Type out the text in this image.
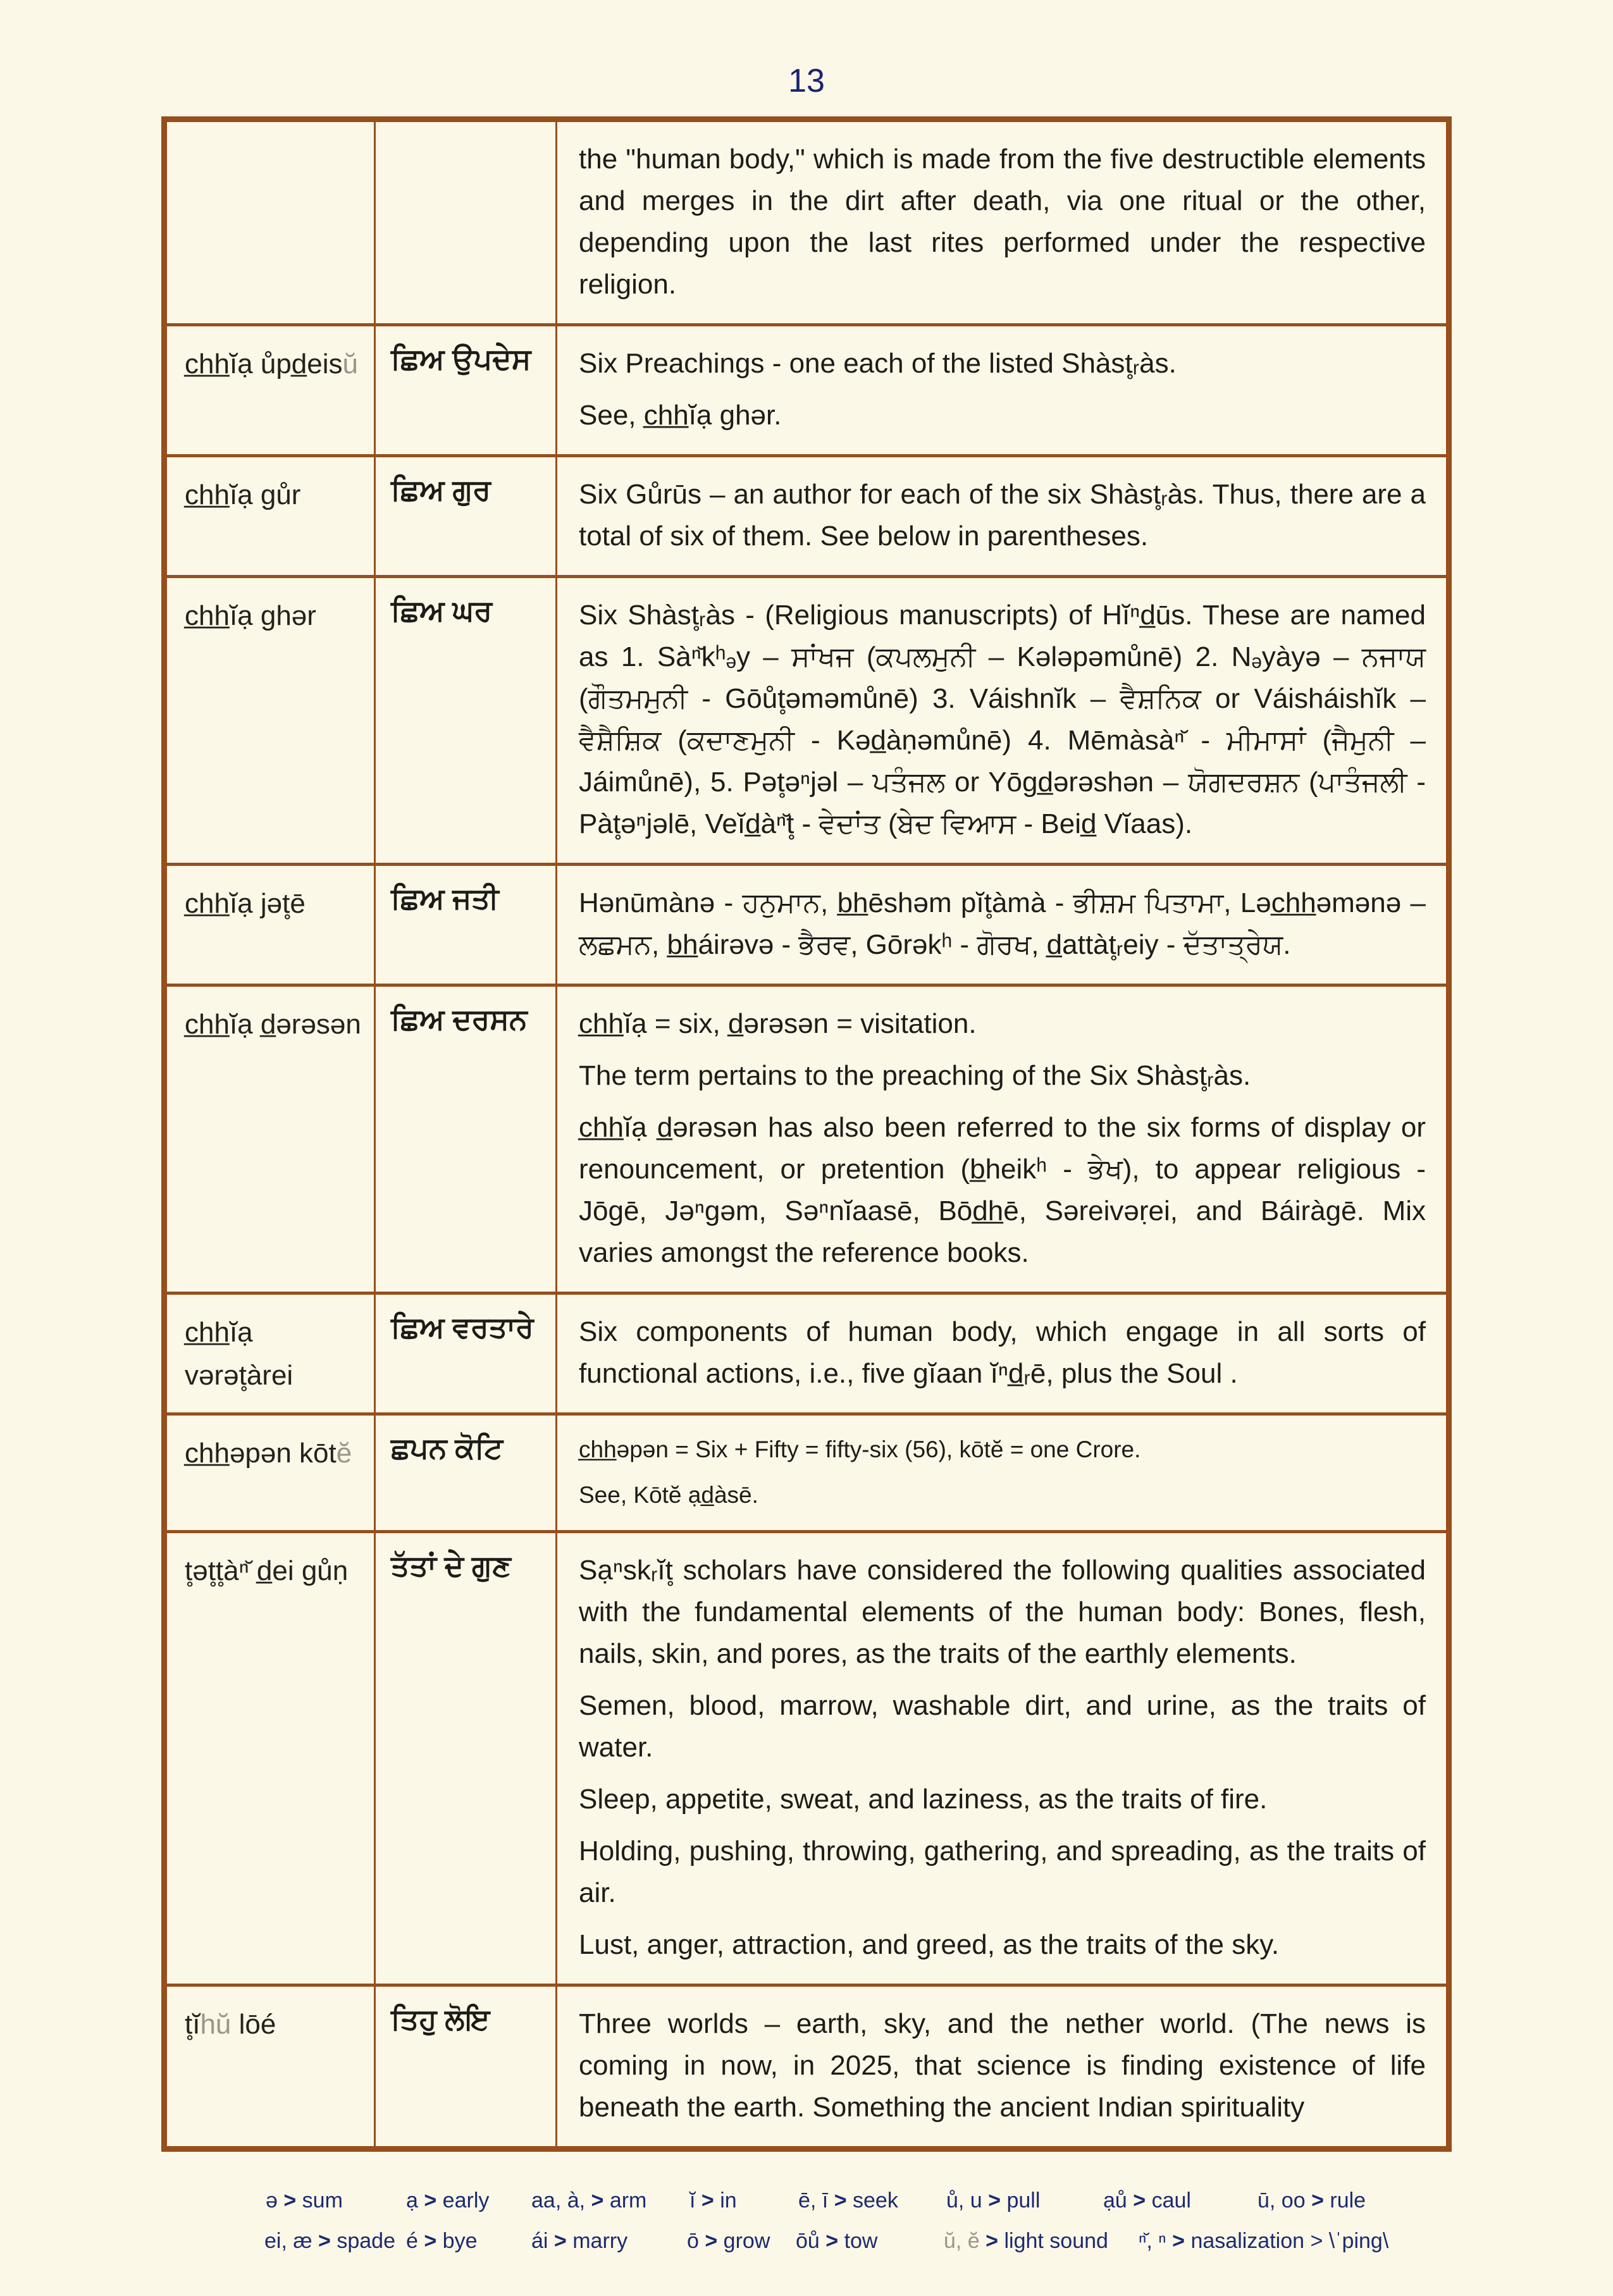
13

		the "human body," which is made from the five destructible elements and merges in the dirt after death, via one ritual or the other, depending upon the last rites performed under the respective religion.

c̲h̲h̲ĭạ ůpd̲eisŭ	ਛਿਅ ਉਪਦੇਸ	Six Preachings - one each of the listed Shàst̥ᵣàs.

See, c̲h̲h̲ĭạ ghər.

c̲h̲h̲ĭạ gůr	ਛਿਅ ਗੁਰ	Six Gůrūs – an author for each of the six Shàst̥ᵣàs. Thus, there are a total of six of them. See below in parentheses.

c̲h̲h̲ĭạ ghər	ਛਿਅ ਘਰ	Six Shàst̥ᵣàs - (Religious manuscripts) of Hĭⁿd̲ūs. These are named as 1. Sàⁿ̆kʰₔy – ਸਾਂਖਜ (ਕਪਲਮੁਨੀ – Kələpəmůnē) 2. Nₔyàyə – ਨਜਾਯ (ਗੌਤਮਮੁਨੀ - Gōůt̥əməmůnē) 3. Váishnĭk – ਵੈਸ਼ਨਿਕ or Váisháishĭk – ਵੈਸ਼ੈਸ਼ਿਕ (ਕਦਾਣਮੁਨੀ - Kəd̲àṇəmůnē) 4. Mēmàsàⁿ̆ - ਮੀਮਾਸਾਂ (ਜੈਮੁਨੀ – Jáimůnē), 5. Pət̥əⁿjəl – ਪਤੰਜਲ or Yōgd̲ərəshən – ਯੋਗਦਰਸ਼ਨ (ਪਾਤੰਜਲੀ - Pàt̥əⁿjəlē, Veĭd̲àⁿ̆t̥ - ਵੇਦਾਂਤ (ਬੇਦ ਵਿਆਸ - Beid̲ Vĭaas).

c̲h̲h̲ĭạ jət̥ē	ਛਿਅ ਜਤੀ	Hənūmànə - ਹਨੁਮਾਨ, b̲h̲ēshəm pĭt̥àmà - ਭੀਸ਼ਮ ਪਿਤਾਮਾ, Ləc̲h̲h̲əmənə – ਲਛਮਨ, b̲h̲áirəvə - ਭੈਰਵ, Gōrəkʰ - ਗੋਰਖ, d̲attàt̥ᵣeiy - ਦੱਤਾਤ੍ਰੇਯ.

c̲h̲h̲ĭạ d̲ərəsən	ਛਿਅ ਦਰਸਨ	c̲h̲h̲ĭạ = six, d̲ərəsən = visitation.

The term pertains to the preaching of the Six Shàst̥ᵣàs.

c̲h̲h̲ĭạ d̲ərəsən has also been referred to the six forms of display or renouncement, or pretention (b̲heikʰ - ਭੇਖ), to appear religious - Jōgē, Jəⁿgəm, Səⁿnĭaasē, Bōd̲h̲ē, Səreivəṛei, and Báiràgē. Mix varies amongst the reference books.

c̲h̲h̲ĭạ vərət̥àrei	ਛਿਅ ਵਰਤਾਰੇ	Six components of human body, which engage in all sorts of functional actions, i.e., five gĭaan ĭⁿd̲ᵣē, plus the Soul .

c̲h̲h̲əpən kōtĕ	ਛਪਨ ਕੋਟਿ	c̲h̲h̲əpən = Six + Fifty = fifty-six (56), kōtĕ = one Crore.

See, Kōtĕ ạd̲àsē.

t̥ət̥t̥àⁿ̆ d̲ei gůṇ	ਤੱਤਾਂ ਦੇ ਗੁਣ	Sạⁿskᵣĭt̥ scholars have considered the following qualities associated with the fundamental elements of the human body: Bones, flesh, nails, skin, and pores, as the traits of the earthly elements.

Semen, blood, marrow, washable dirt, and urine, as the traits of water.

Sleep, appetite, sweat, and laziness, as the traits of fire.

Holding, pushing, throwing, gathering, and spreading, as the traits of air.

Lust, anger, attraction, and greed, as the traits of the sky.

t̥ĭhŭ lōé	ਤਿਹੁ ਲੋਇ	Three worlds – earth, sky, and the nether world. (The news is coming in now, in 2025, that science is finding existence of life beneath the earth. Something the ancient Indian spirituality

ə > sum	ạ > early aa, à, > arm ĭ > in	ē, ī > seek ů, u > pull	ạů > caul	ū, oo > rule
ei, æ > spade é > bye	ái > marry	ō > grow ōů > tow	ŭ, ĕ > light sound ⁿ̆, ⁿ > nasalization > \ˈping\
